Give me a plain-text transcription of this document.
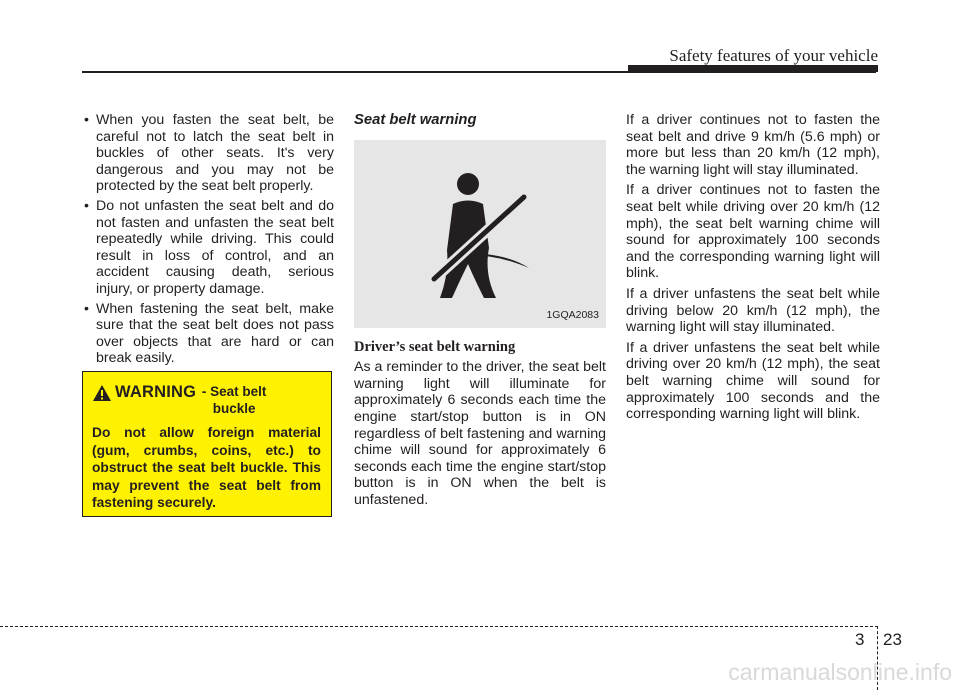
Safety features of your vehicle
• When you fasten the seat belt, be careful not to latch the seat belt in buckles of other seats. It's very dangerous and you may not be protected by the seat belt properly.
• Do not unfasten the seat belt and do not fasten and unfasten the seat belt repeatedly while driving. This could result in loss of control, and an accident causing death, serious injury, or property damage.
• When fastening the seat belt, make sure that the seat belt does not pass over objects that are hard or can break easily.
WARNING - Seat belt buckle
Do not allow foreign material (gum, crumbs, coins, etc.) to obstruct the seat belt buckle. This may prevent the seat belt from fastening securely.
Seat belt warning
1GQA2083
Driver’s seat belt warning

As a reminder to the driver, the seat belt warning light will illuminate for approximately 6 seconds each time the engine start/stop button is in ON regardless of belt fastening and warning chime will sound for approximately 6 seconds each time the engine start/stop button is in ON when the belt is unfastened.

If a driver continues not to fasten the seat belt and drive 9 km/h (5.6 mph) or more but less than 20 km/h (12 mph), the warning light will stay illuminated.

If a driver continues not to fasten the seat belt while driving over 20 km/h (12 mph), the seat belt warning chime will sound for approximately 100 seconds and the corresponding warning light will blink.

If a driver unfastens the seat belt while driving below 20 km/h (12 mph), the warning light will stay illuminated.

If a driver unfastens the seat belt while driving over 20 km/h (12 mph), the seat belt warning chime will sound for approximately 100 seconds and the corresponding warning light will blink.

3 23
carmanualsonline.info
